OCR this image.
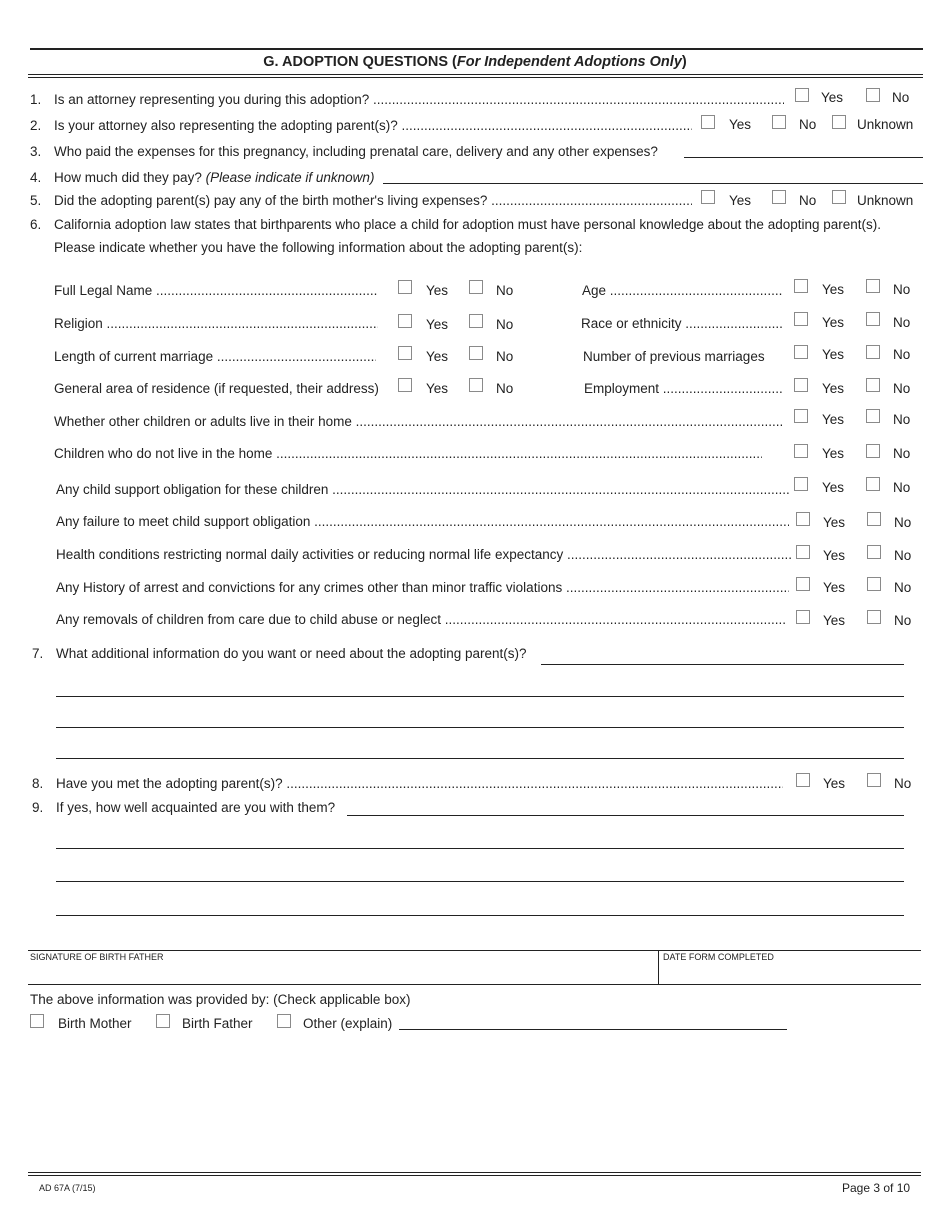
G. ADOPTION QUESTIONS (For Independent Adoptions Only)
1. Is an attorney representing you during this adoption? .....	Yes	No
2. Is your attorney also representing the adopting parent(s)? .....	Yes	No	Unknown
3. Who paid the expenses for this pregnancy, including prenatal care, delivery and any other expenses?
4. How much did they pay? (Please indicate if unknown)
5. Did the adopting parent(s) pay any of the birth mother's living expenses? .....	Yes	No	Unknown
6. California adoption law states that birthparents who place a child for adoption must have personal knowledge about the adopting parent(s).
Please indicate whether you have the following information about the adopting parent(s):
Full Legal Name .....	Yes	No	Age .....	Yes	No
Religion .....	Yes	No	Race or ethnicity .....	Yes	No
Length of current marriage .....	Yes	No	Number of previous marriages	Yes	No
General area of residence (if requested, their address)	Yes	No	Employment .....	Yes	No
Whether other children or adults live in their home .....	Yes	No
Children who do not live in the home .....	Yes	No
Any child support obligation for these children .....	Yes	No
Any failure to meet child support obligation .....	Yes	No
Health conditions restricting normal daily activities or reducing normal life expectancy .....	Yes	No
Any History of arrest and convictions for any crimes other than minor traffic violations .....	Yes	No
Any removals of children from care due to child abuse or neglect .....	Yes	No
7. What additional information do you want or need about the adopting parent(s)?
8. Have you met the adopting parent(s)? .....	Yes	No
9. If yes, how well acquainted are you with them?
SIGNATURE OF BIRTH FATHER	DATE FORM COMPLETED
The above information was provided by: (Check applicable box)
Birth Mother	Birth Father	Other (explain)
AD 67A (7/15)	Page 3 of 10
